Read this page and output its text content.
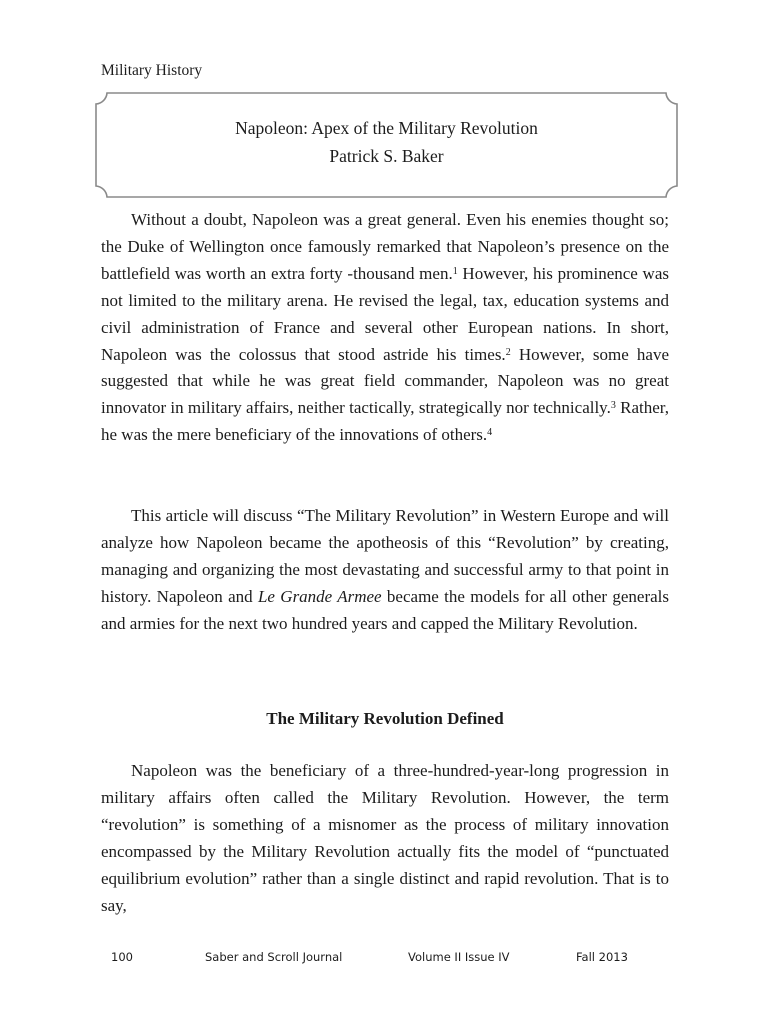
Military History
Napoleon: Apex of the Military Revolution
Patrick S. Baker

Without a doubt, Napoleon was a great general. Even his enemies thought so; the Duke of Wellington once famously remarked that Napoleon’s presence on the battlefield was worth an extra forty -thousand men.$^1$ However, his prominence was not limited to the military arena. He revised the legal, tax, education systems and civil administration of France and several other European nations. In short, Napoleon was the colossus that stood astride his times.$^2$ However, some have suggested that while he was great field commander, Napoleon was no great innovator in military affairs, neither tactically, strategically nor technically.$^3$ Rather, he was the mere beneficiary of the innovations of others.$^4$

This article will discuss “The Military Revolution” in Western Europe and will analyze how Napoleon became the apotheosis of this “Revolution” by creating, managing and organizing the most devastating and successful army to that point in history. Napoleon and Le Grande Armee became the models for all other generals and armies for the next two hundred years and capped the Military Revolution.

The Military Revolution Defined

Napoleon was the beneficiary of a three-hundred-year-long progression in military affairs often called the Military Revolution. However, the term “revolution” is something of a misnomer as the process of military innovation encompassed by the Military Revolution actually fits the model of “punctuated equilibrium evolution” rather than a single distinct and rapid revolution. That is to say,

100	Saber and Scroll Journal	Volume II Issue IV	Fall 2013
